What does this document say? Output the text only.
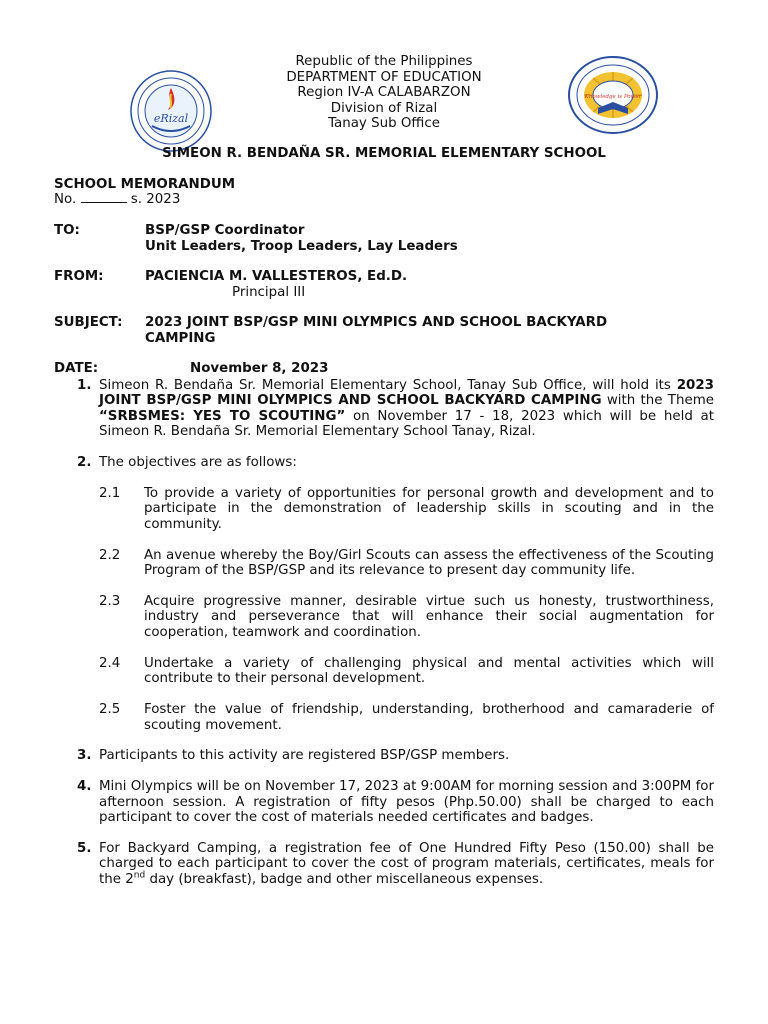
eRizal
Knowledge is Power
Republic of the Philippines
DEPARTMENT OF EDUCATION
Region IV-A CALABARZON
Division of Rizal
Tanay Sub Office
SIMEON R. BENDAÑA SR. MEMORIAL ELEMENTARY SCHOOL
SCHOOL MEMORANDUM
No.	s. 2023
TO:	BSP/GSP Coordinator
Unit Leaders, Troop Leaders, Lay Leaders
FROM:	PACIENCIA M. VALLESTEROS, Ed.D.
Principal III
SUBJECT: 2023 JOINT BSP/GSP MINI OLYMPICS AND SCHOOL BACKYARD
CAMPING
DATE:	November 8, 2023
1. Simeon R. Bendaña Sr. Memorial Elementary School, Tanay Sub Office, will hold its 2023 JOINT BSP/GSP MINI OLYMPICS AND SCHOOL BACKYARD CAMPING with the Theme “SRBSMES: YES TO SCOUTING” on November 17 - 18, 2023 which will be held at Simeon R. Bendaña Sr. Memorial Elementary School Tanay, Rizal.
2. The objectives are as follows:
2.1 To provide a variety of opportunities for personal growth and development and to participate in the demonstration of leadership skills in scouting and in the community.
2.2 An avenue whereby the Boy/Girl Scouts can assess the effectiveness of the Scouting Program of the BSP/GSP and its relevance to present day community life.
2.3 Acquire progressive manner, desirable virtue such us honesty, trustworthiness, industry and perseverance that will enhance their social augmentation for cooperation, teamwork and coordination.
2.4 Undertake a variety of challenging physical and mental activities which will contribute to their personal development.
2.5 Foster the value of friendship, understanding, brotherhood and camaraderie of scouting movement.
3. Participants to this activity are registered BSP/GSP members.
4. Mini Olympics will be on November 17, 2023 at 9:00AM for morning session and 3:00PM for afternoon session. A registration of fifty pesos (Php.50.00) shall be charged to each participant to cover the cost of materials needed certificates and badges.
5. For Backyard Camping, a registration fee of One Hundred Fifty Peso (150.00) shall be charged to each participant to cover the cost of program materials, certificates, meals for the 2nd day (breakfast), badge and other miscellaneous expenses.
